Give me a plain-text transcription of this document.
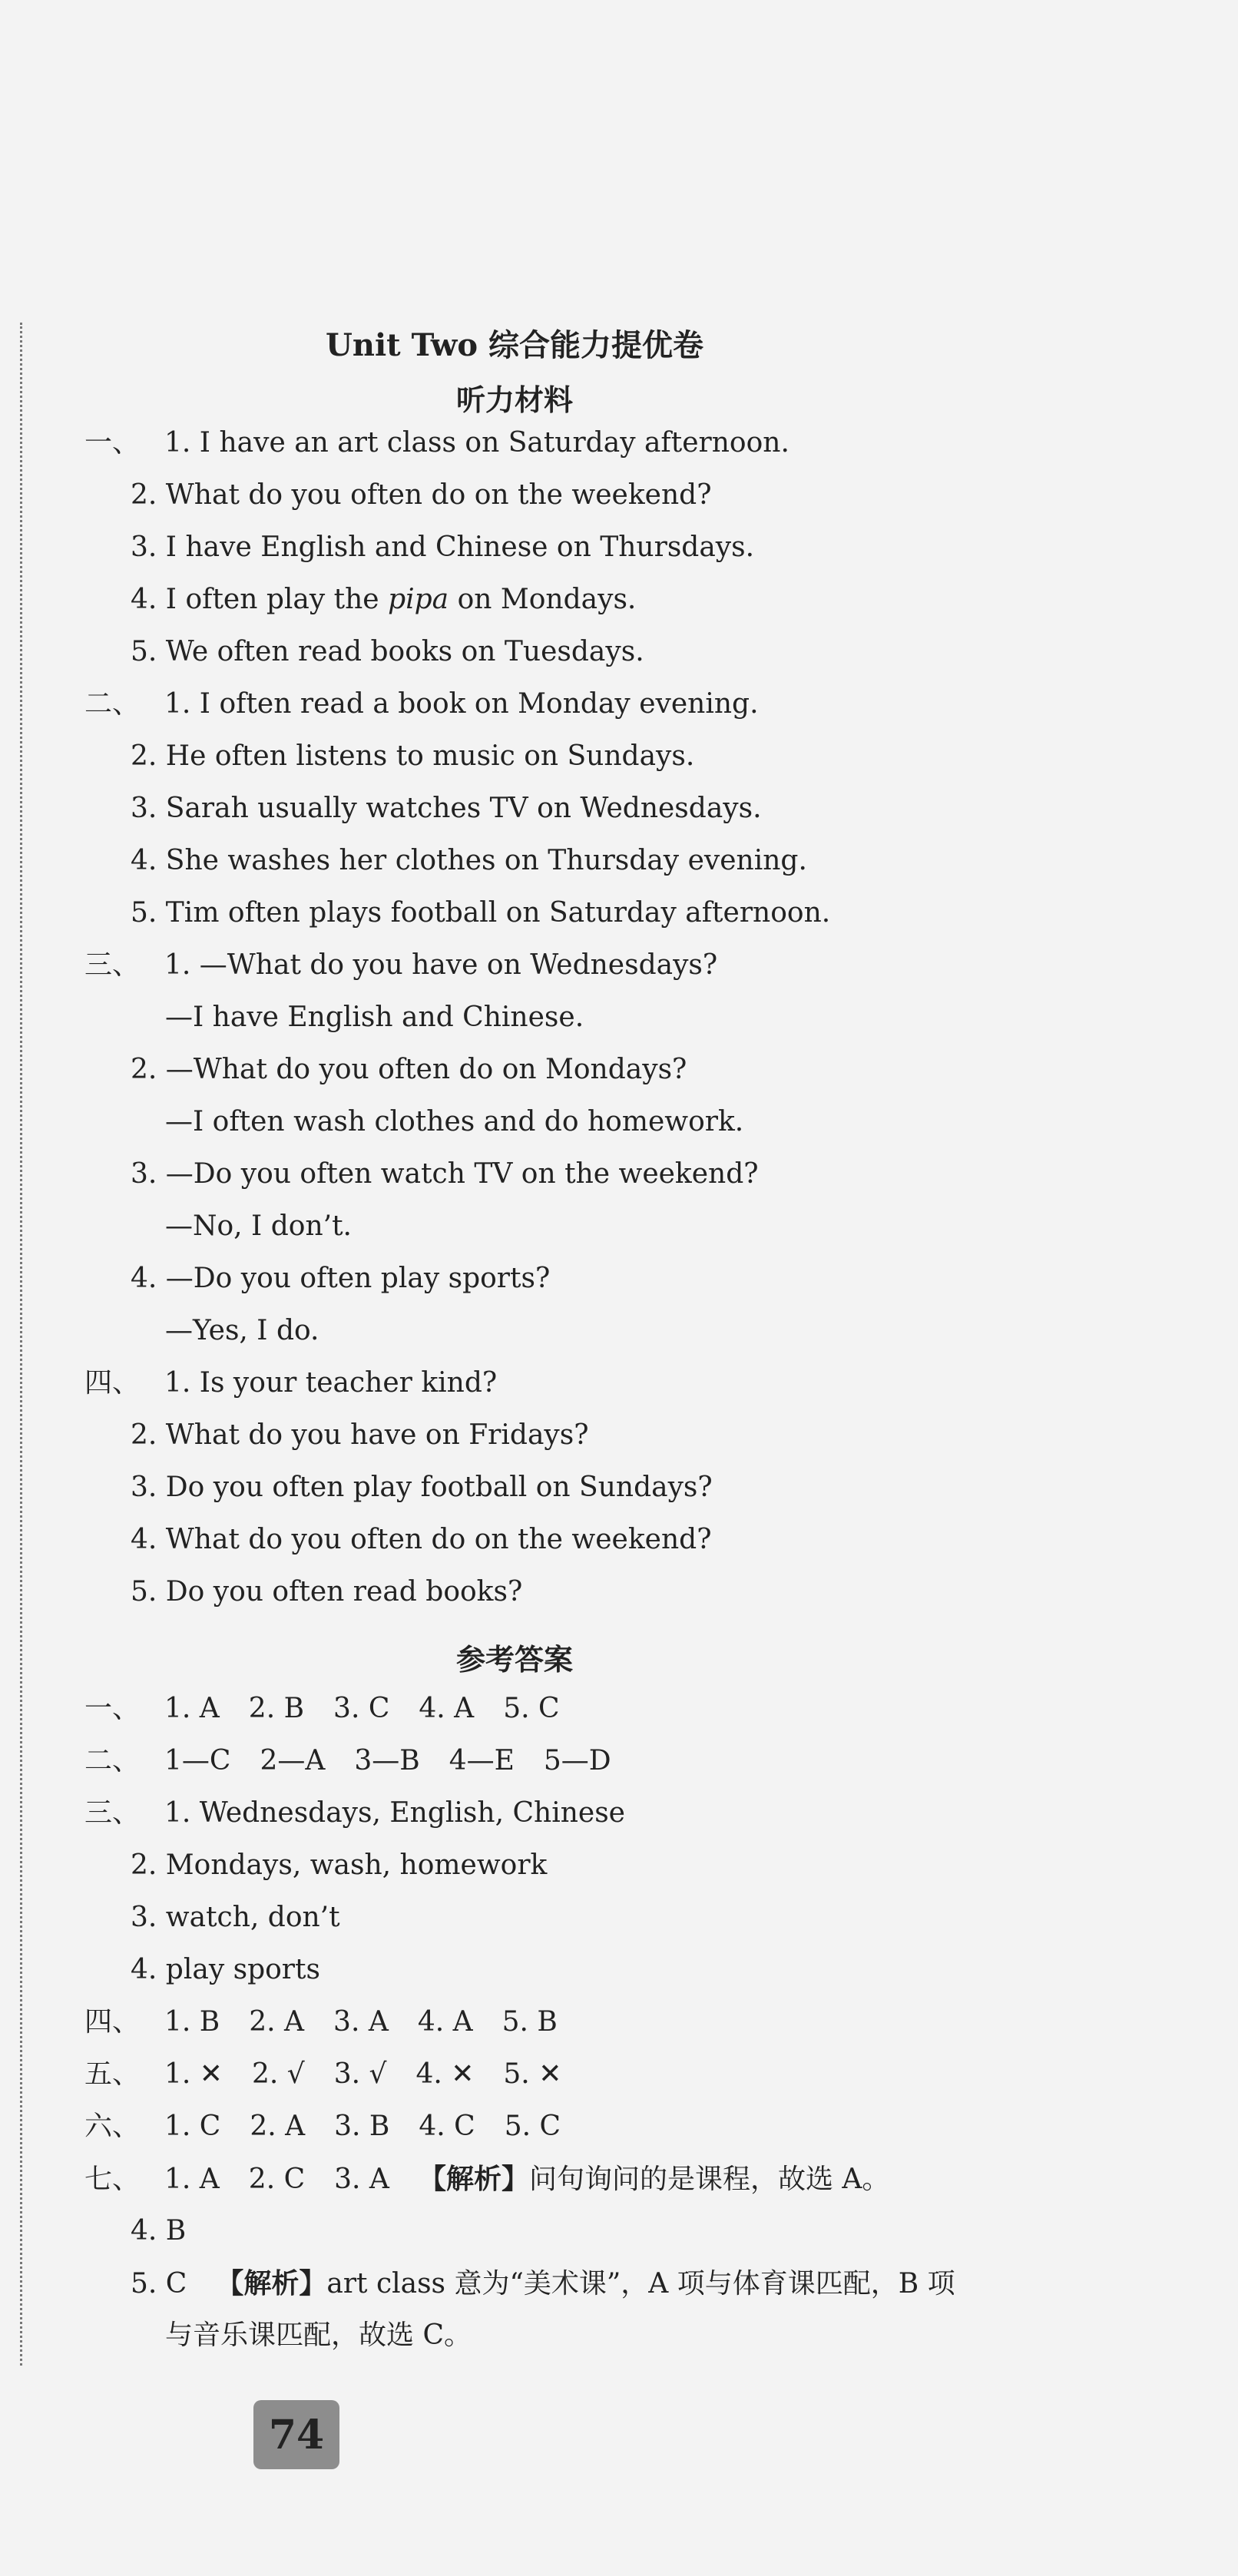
Unit Two 综合能力提优卷
听力材料
一、 1. I have an art class on Saturday afternoon.
2. What do you often do on the weekend?
3. I have English and Chinese on Thursdays.
4. I often play the pipa on Mondays.
5. We often read books on Tuesdays.
二、 1. I often read a book on Monday evening.
2. He often listens to music on Sundays.
3. Sarah usually watches TV on Wednesdays.
4. She washes her clothes on Thursday evening.
5. Tim often plays football on Saturday afternoon.
三、 1. —What do you have on Wednesdays?
—I have English and Chinese.
2. —What do you often do on Mondays?
—I often wash clothes and do homework.
3. —Do you often watch TV on the weekend?
—No, I don’t.
4. —Do you often play sports?
—Yes, I do.
四、 1. Is your teacher kind?
2. What do you have on Fridays?
3. Do you often play football on Sundays?
4. What do you often do on the weekend?
5. Do you often read books?
参考答案
一、 1. A 2. B 3. C 4. A 5. C
二、 1—C 2—A 3—B 4—E 5—D
三、 1. Wednesdays, English, Chinese
2. Mondays, wash, homework
3. watch, don’t
4. play sports
四、 1. B 2. A 3. A 4. A 5. B
五、 1. ✕ 2. √ 3. √ 4. ✕ 5. ✕
六、 1. C 2. A 3. B 4. C 5. C
七、 1. A 2. C 3. A 【解析】问句询问的是课程，故选 A。
4. B
5. C 【解析】art class 意为“美术课”，A 项与体育课匹配，B 项
与音乐课匹配，故选 C。
74
